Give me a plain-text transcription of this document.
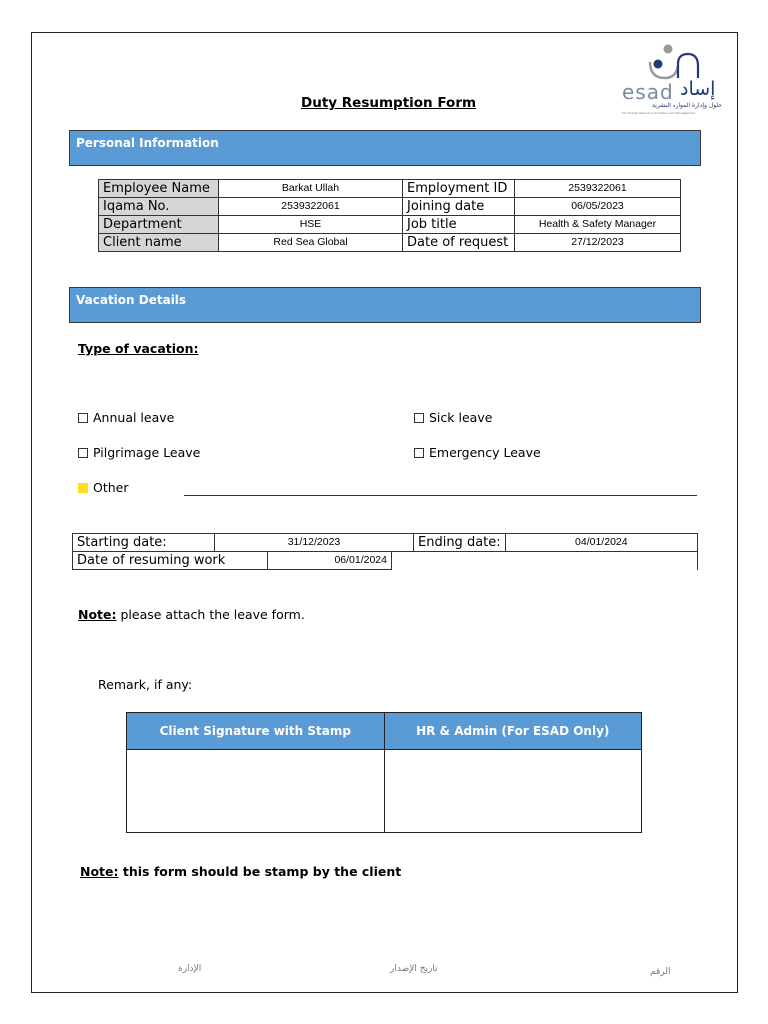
esad إساد
حلول وإدارة الموارد البشرية
For Human Resource Solutions and Management
Duty Resumption Form
Personal Information
Employee Name	Barkat Ullah	Employment ID	2539322061
Iqama No.	2539322061	Joining date	06/05/2023
Department	HSE	Job title	Health & Safety Manager
Client name	Red Sea Global	Date of request	27/12/2023
Vacation Details
Type of vacation:
Annual leave	Sick leave
Pilgrimage Leave	Emergency Leave
Other
Starting date:	31/12/2023	Ending date:	04/01/2024
Date of resuming work	06/01/2024	
Note: please attach the leave form.
Remark, if any:
Client Signature with Stamp	HR & Admin (For ESAD Only)

Note: this form should be stamp by the client
الإدارة	تاريخ الإصدار	الرقم
